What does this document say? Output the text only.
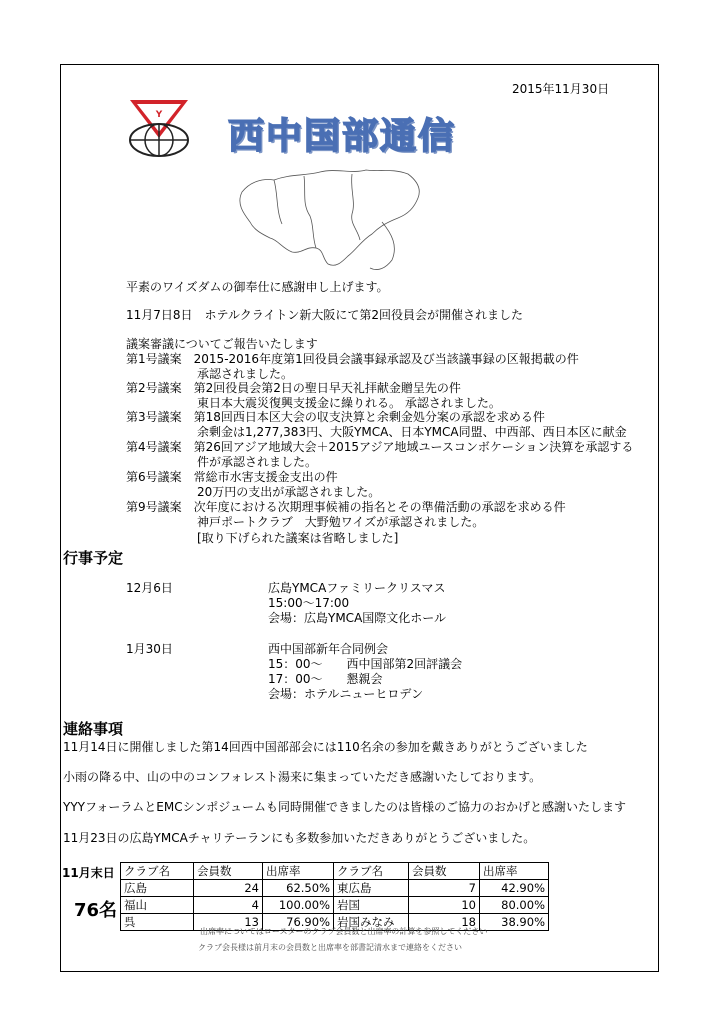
2015年11月30日
Y 西中国部通信
平素のワイズダムの御奉仕に感謝申し上げます。
11月7日8日　ホテルクライトン新大阪にて第2回役員会が開催されました
議案審議についてご報告いたします
第1号議案　 2015-2016年度第1回役員会議事録承認及び当該議事録の区報掲載の件
承認されました。
第2号議案　 第2回役員会第2日の聖日早天礼拝献金贈呈先の件
東日本大震災復興支援金に繰りれる。 承認されました。
第3号議案　 第18回西日本区大会の収支決算と余剰金処分案の承認を求める件
余剰金は1,277,383円、大阪YMCA、日本YMCA同盟、中西部、西日本区に献金
第4号議案　 第26回アジア地域大会＋2015アジア地域ユースコンボケーション決算を承認する
件が承認されました。
第6号議案　 常総市水害支援金支出の件
20万円の支出が承認されました。
第9号議案　 次年度における次期理事候補の指名とその準備活動の承認を求める件
神戸ポートクラブ　大野勉ワイズが承認されました。
[取り下げられた議案は省略しました]
行事予定
12月6日	広島YMCAファミリークリスマス
15:00～17:00
会場：広島YMCA国際文化ホール
1月30日	西中国部新年合同例会
15：00～　　西中国部第2回評議会
17：00～　　懇親会
会場：ホテルニューヒロデン
連絡事項
11月14日に開催しました第14回西中国部部会には110名余の参加を戴きありがとうございました
小雨の降る中、山の中のコンフォレスト湯来に集まっていただき感謝いたしております。
YYYフォーラムとEMCシンポジュームも同時開催できましたのは皆様のご協力のおかげと感謝いたします
11月23日の広島YMCAチャリテーランにも多数参加いただきありがとうございました。
11月末日
76名
クラブ名	会員数	出席率	クラブ名	会員数	出席率
広島	24	62.50%	東広島	7	42.90%
福山	4	100.00%	岩国	10	80.00%
呉	13	76.90%	岩国みなみ	18	38.90%
出席率についてはロースターのクラブ会員数と出席率の計算を参照してください
クラブ会長様は前月末の会員数と出席率を部書記清水まで連絡をください
